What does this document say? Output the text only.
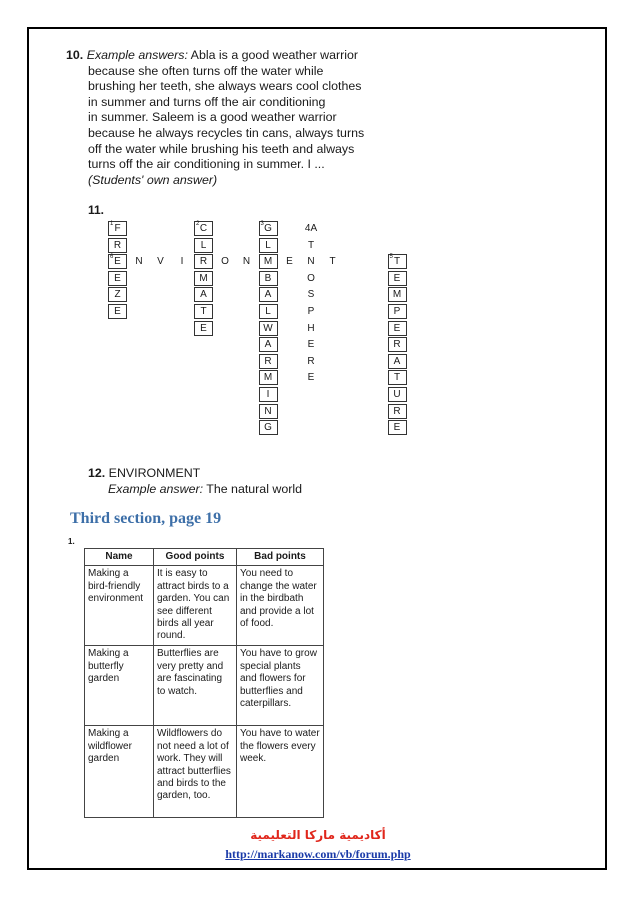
10. Example answers: Abla is a good weather warrior
because she often turns off the water while
brushing her teeth, she always wears cool clothes
in summer and turns off the air conditioning
in summer. Saleem is a good weather warrior
because he always recycles tin cans, always turns
off the water while brushing his teeth and always
turns off the air conditioning in summer. I ...
(Students' own answer)
11.
1 F
R
6 E
E
Z
E
2 C
L
R
M
A
T
E
3 G
L
M
B
A
L
W
A
R
M
I
N
G
4A
T
N
O
S
P
H
E
R
E
5 T
E
M
P
E
R
A
T
U
R
E
N	V	I	O	N	E	T
12. ENVIRONMENT
Example answer: The natural world
Third section, page 19
1.
Name	Good points	Bad points
Making a bird-friendly environment	It is easy to attract birds to a garden. You can see different birds all year round.	You need to change the water in the birdbath and provide a lot of food.
Making a butterfly garden	Butterflies are very pretty and are fascinating to watch.	You have to grow special plants and flowers for butterflies and caterpillars.
Making a wildflower garden	Wildflowers do not need a lot of work. They will attract butterflies and birds to the garden, too.	You have to water the flowers every week.
أكاديمية ماركا التعليمية
http://markanow.com/vb/forum.php
